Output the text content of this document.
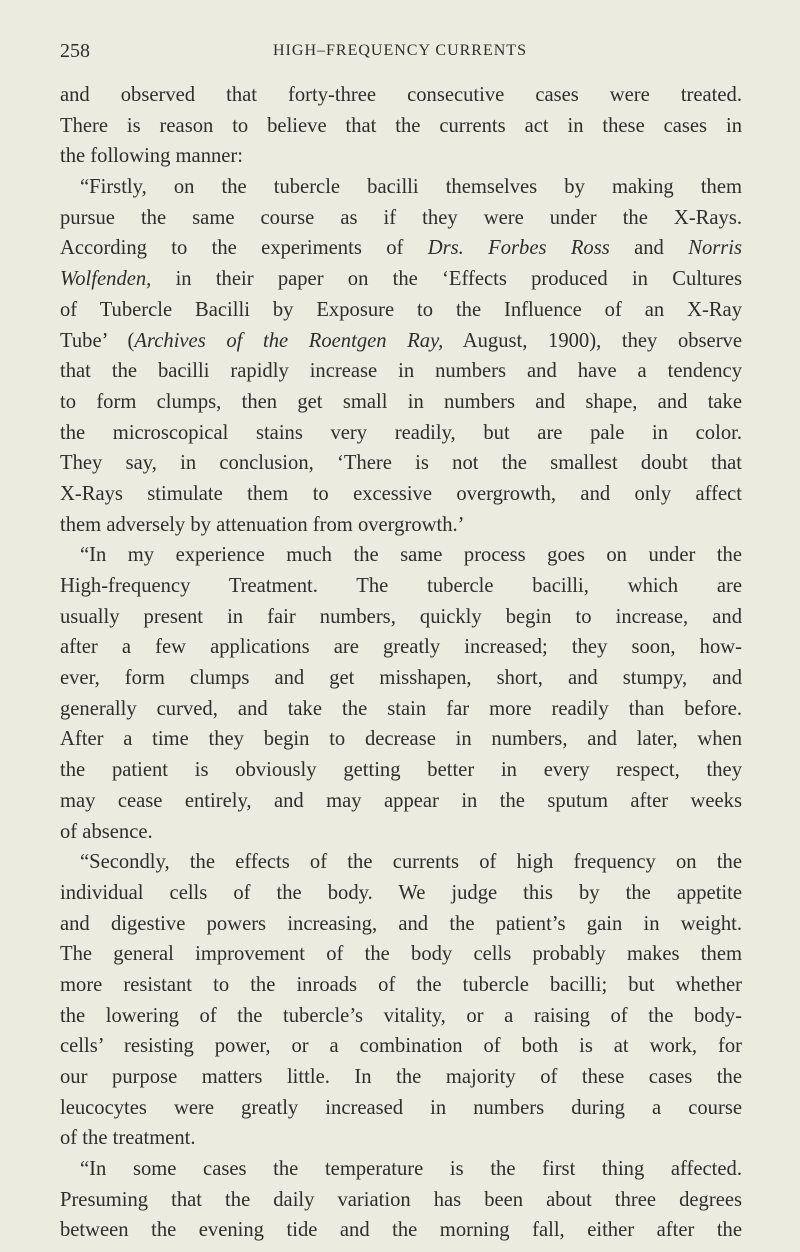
258	HIGH–FREQUENCY CURRENTS
and observed that forty-three consecutive cases were treated.
There is reason to believe that the currents act in these cases in
the following manner:
“Firstly, on the tubercle bacilli themselves by making them
pursue the same course as if they were under the X-Rays.
According to the experiments of Drs. Forbes Ross and Norris
Wolfenden, in their paper on the ‘Effects produced in Cultures
of Tubercle Bacilli by Exposure to the Influence of an X-Ray
Tube’ (Archives of the Roentgen Ray, August, 1900), they observe
that the bacilli rapidly increase in numbers and have a tendency
to form clumps, then get small in numbers and shape, and take
the microscopical stains very readily, but are pale in color.
They say, in conclusion, ‘There is not the smallest doubt that
X-Rays stimulate them to excessive overgrowth, and only affect
them adversely by attenuation from overgrowth.’
“In my experience much the same process goes on under the
High-frequency Treatment. The tubercle bacilli, which are
usually present in fair numbers, quickly begin to increase, and
after a few applications are greatly increased; they soon, how-
ever, form clumps and get misshapen, short, and stumpy, and
generally curved, and take the stain far more readily than before.
After a time they begin to decrease in numbers, and later, when
the patient is obviously getting better in every respect, they
may cease entirely, and may appear in the sputum after weeks
of absence.
“Secondly, the effects of the currents of high frequency on the
individual cells of the body. We judge this by the appetite
and digestive powers increasing, and the patient’s gain in weight.
The general improvement of the body cells probably makes them
more resistant to the inroads of the tubercle bacilli; but whether
the lowering of the tubercle’s vitality, or a raising of the body-
cells’ resisting power, or a combination of both is at work, for
our purpose matters little. In the majority of these cases the
leucocytes were greatly increased in numbers during a course
of the treatment.
“In some cases the temperature is the first thing affected.
Presuming that the daily variation has been about three degrees
between the evening tide and the morning fall, either after the
